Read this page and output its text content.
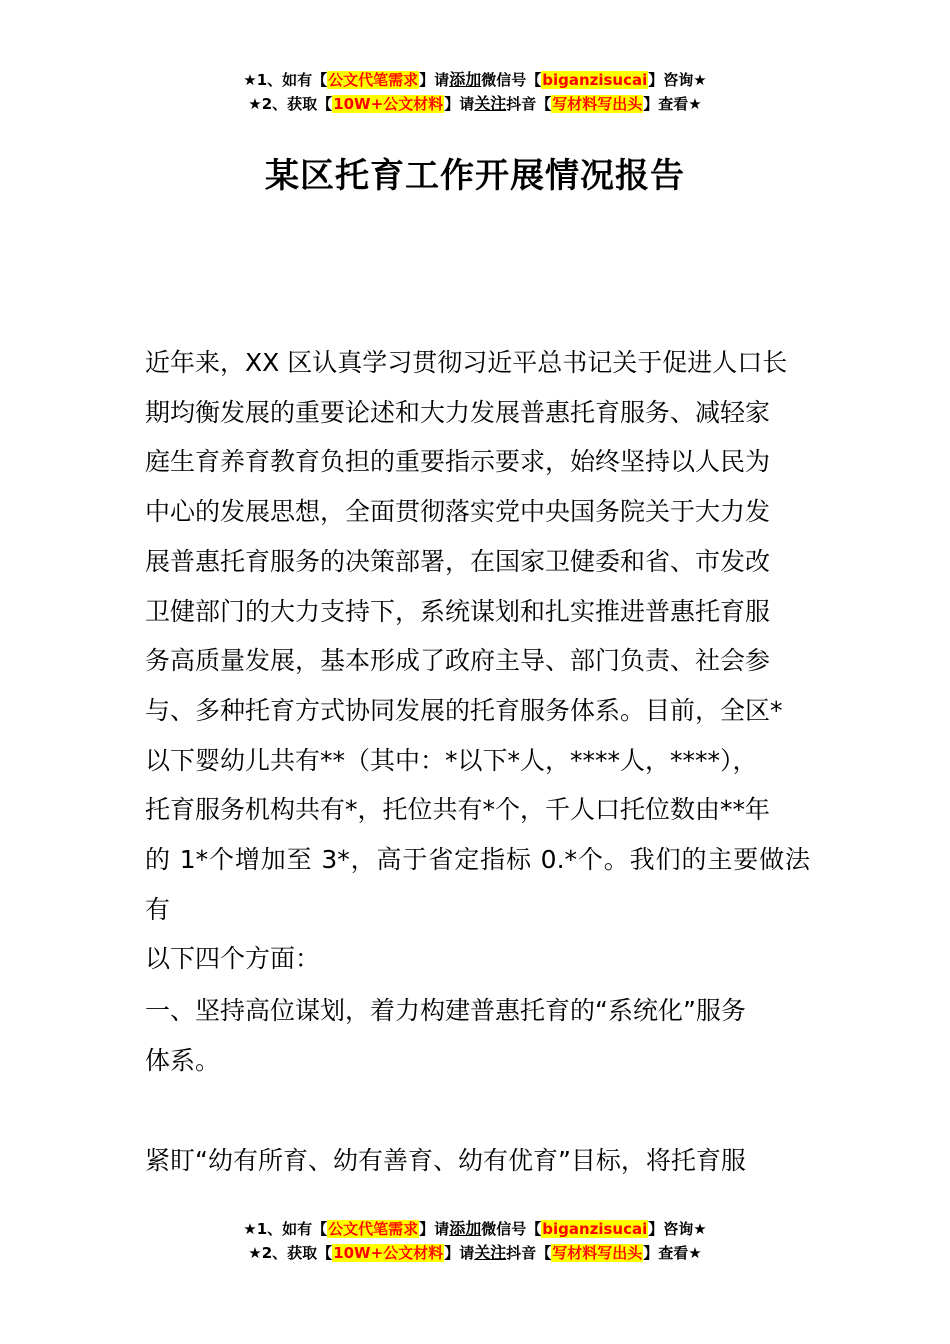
★1、如有【公文代笔需求】请添加微信号【biganzisucai】咨询★
★2、获取【10W+公文材料】请关注抖音【写材料写出头】查看★
某区托育工作开展情况报告
近年来，XX 区认真学习贯彻习近平总书记关于促进人口长
期均衡发展的重要论述和大力发展普惠托育服务、减轻家
庭生育养育教育负担的重要指示要求，始终坚持以人民为
中心的发展思想，全面贯彻落实党中央国务院关于大力发
展普惠托育服务的决策部署，在国家卫健委和省、市发改
卫健部门的大力支持下，系统谋划和扎实推进普惠托育服
务高质量发展，基本形成了政府主导、部门负责、社会参
与、多种托育方式协同发展的托育服务体系。目前，全区*
以下婴幼儿共有**（其中：*以下*人，****人，****），
托育服务机构共有*，托位共有*个，千人口托位数由**年
的 1*个增加至 3*，高于省定指标 0.*个。我们的主要做法有
以下四个方面：
一、坚持高位谋划，着力构建普惠托育的“系统化”服务
体系。
紧盯“幼有所育、幼有善育、幼有优育”目标，将托育服
★1、如有【公文代笔需求】请添加微信号【biganzisucai】咨询★
★2、获取【10W+公文材料】请关注抖音【写材料写出头】查看★
